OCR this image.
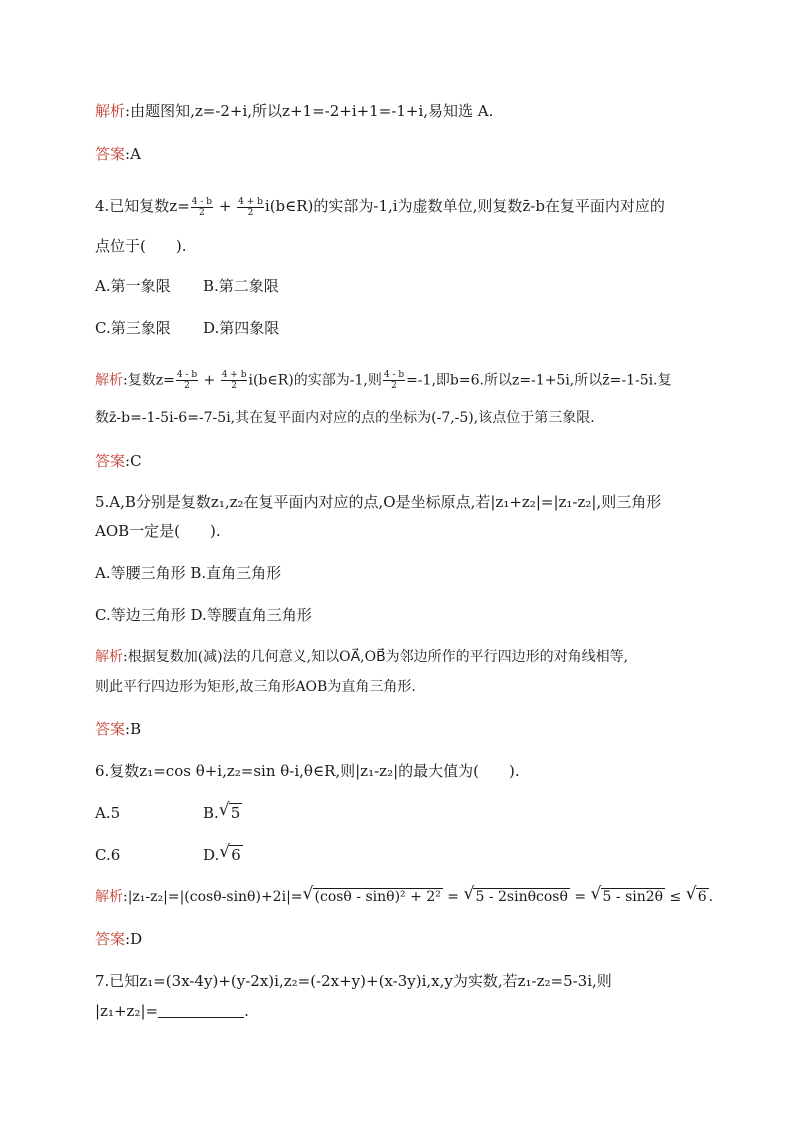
解析:由题图知,z=-2+i,所以z+1=-2+i+1=-1+i,易知选 A.
答案:A
4.已知复数$z= \frac{4 - b}{2} + \frac{4 + b}{2}$ i(b∈R)的实部为-1,i为虚数单位,则复数z̄-b在复平面内对应的
点位于(　　).
A.第一象限 B.第二象限
C.第三象限 D.第四象限
解析:复数$z= \frac{4 - b}{2} + \frac{4 + b}{2}$ i(b∈R)的实部为-1,则 $\frac{4 - b}{2} =-1$,即b=6.所以z=-1+5i,所以z̄=-1-5i.复
数z̄-b=-1-5i-6=-7-5i,其在复平面内对应的点的坐标为(-7,-5),该点位于第三象限.
答案:C
5.A,B分别是复数z₁,z₂在复平面内对应的点,O是坐标原点,若|z₁+z₂|=|z₁-z₂|,则三角形
AOB一定是(　　).
A.等腰三角形 B.直角三角形
C.等边三角形 D.等腰直角三角形
解析:根据复数加(减)法的几何意义,知以OA⃗,OB⃗为邻边所作的平行四边形的对角线相等,
则此平行四边形为矩形,故三角形AOB为直角三角形.
答案:B
6.复数z₁=cos θ+i,z₂=sin θ-i,θ∈R,则|z₁-z₂|的最大值为(　　).
A.5	B. √ 5
C.6	D. √ 6
解析:|z₁-z₂|=|(cosθ-sinθ)+2i|= √ (cosθ - sinθ)² + 2² = √ 5 - 2sinθcosθ = √ 5 - sin2θ ≤ √ 6 .
答案:D
7.已知z₁=(3x-4y)+(y-2x)i,z₂=(-2x+y)+(x-3y)i,x,y为实数,若z₁-z₂=5-3i,则
|z₁+z₂|=	.
